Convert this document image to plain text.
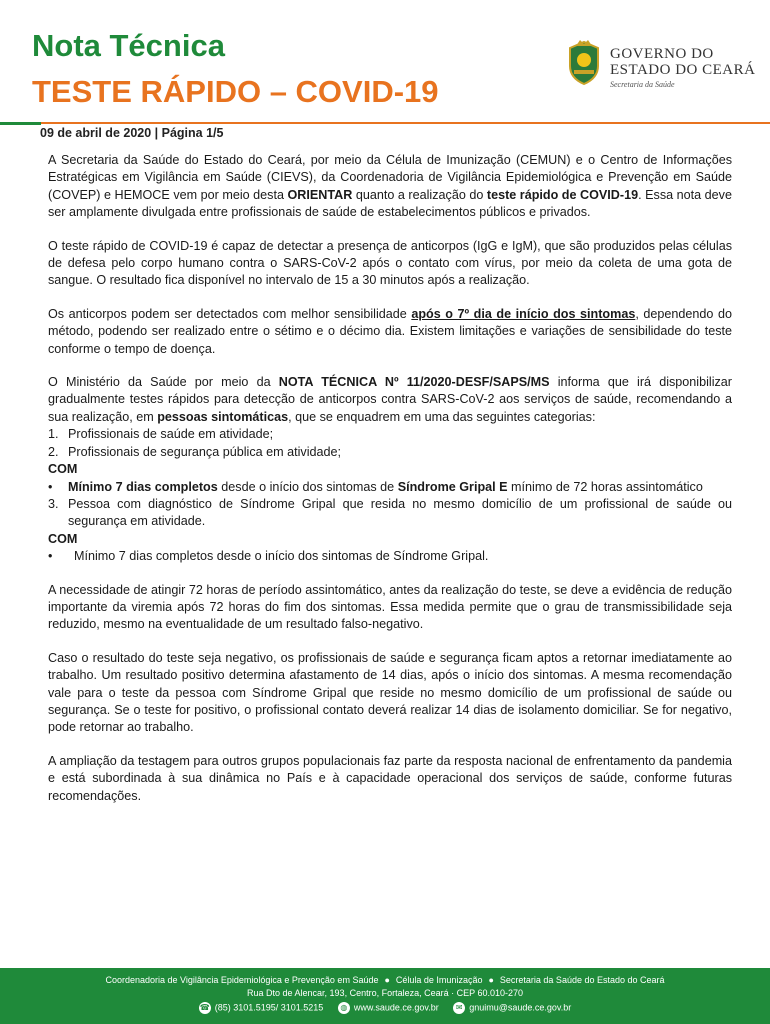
Nota Técnica
TESTE RÁPIDO – COVID-19
GOVERNO DO
ESTADO DO CEARÁ
Secretaria da Saúde
09 de abril de 2020 | Página 1/5

A Secretaria da Saúde do Estado do Ceará, por meio da Célula de Imunização (CEMUN) e o Centro de Informações Estratégicas em Vigilância em Saúde (CIEVS), da Coordenadoria de Vigilância Epidemiológica e Prevenção em Saúde (COVEP) e HEMOCE vem por meio desta ORIENTAR quanto a realização do teste rápido de COVID-19. Essa nota deve ser amplamente divulgada entre profissionais de saúde de estabelecimentos públicos e privados.

O teste rápido de COVID-19 é capaz de detectar a presença de anticorpos (IgG e IgM), que são produzidos pelas células de defesa pelo corpo humano contra o SARS-CoV-2 após o contato com vírus, por meio da coleta de uma gota de sangue. O resultado fica disponível no intervalo de 15 a 30 minutos após a realização.

Os anticorpos podem ser detectados com melhor sensibilidade após o 7º dia de início dos sintomas, dependendo do método, podendo ser realizado entre o sétimo e o décimo dia. Existem limitações e variações de sensibilidade do teste conforme o tempo de doença.

O Ministério da Saúde por meio da NOTA TÉCNICA Nº 11/2020-DESF/SAPS/MS informa que irá disponibilizar gradualmente testes rápidos para detecção de anticorpos contra SARS-CoV-2 aos serviços de saúde, recomendando a sua realização, em pessoas sintomáticas, que se enquadrem em uma das seguintes categorias:
1. Profissionais de saúde em atividade;
2. Profissionais de segurança pública em atividade;
COM
• Mínimo 7 dias completos desde o início dos sintomas de Síndrome Gripal E mínimo de 72 horas assintomático
3. Pessoa com diagnóstico de Síndrome Gripal que resida no mesmo domicílio de um profissional de saúde ou segurança em atividade.
COM
• Mínimo 7 dias completos desde o início dos sintomas de Síndrome Gripal.

A necessidade de atingir 72 horas de período assintomático, antes da realização do teste, se deve a evidência de redução importante da viremia após 72 horas do fim dos sintomas. Essa medida permite que o grau de transmissibilidade seja reduzido, mesmo na eventualidade de um resultado falso-negativo.

Caso o resultado do teste seja negativo, os profissionais de saúde e segurança ficam aptos a retornar imediatamente ao trabalho. Um resultado positivo determina afastamento de 14 dias, após o início dos sintomas. A mesma recomendação vale para o teste da pessoa com Síndrome Gripal que reside no mesmo domicílio de um profissional de saúde ou segurança. Se o teste for positivo, o profissional contato deverá realizar 14 dias de isolamento domiciliar. Se for negativo, pode retornar ao trabalho.

A ampliação da testagem para outros grupos populacionais faz parte da resposta nacional de enfrentamento da pandemia e está subordinada à sua dinâmica no País e à capacidade operacional dos serviços de saúde, conforme futuras recomendações.

Coordenadoria de Vigilância Epidemiológica e Prevenção em Saúde ● Célula de Imunização ● Secretaria da Saúde do Estado do Ceará
Rua Dto de Alencar, 193, Centro, Fortaleza, Ceará · CEP 60.010-270
☎ (85) 3101.5195/ 3101.5215 ◍ www.saude.ce.gov.br ✉ gnuimu@saude.ce.gov.br
